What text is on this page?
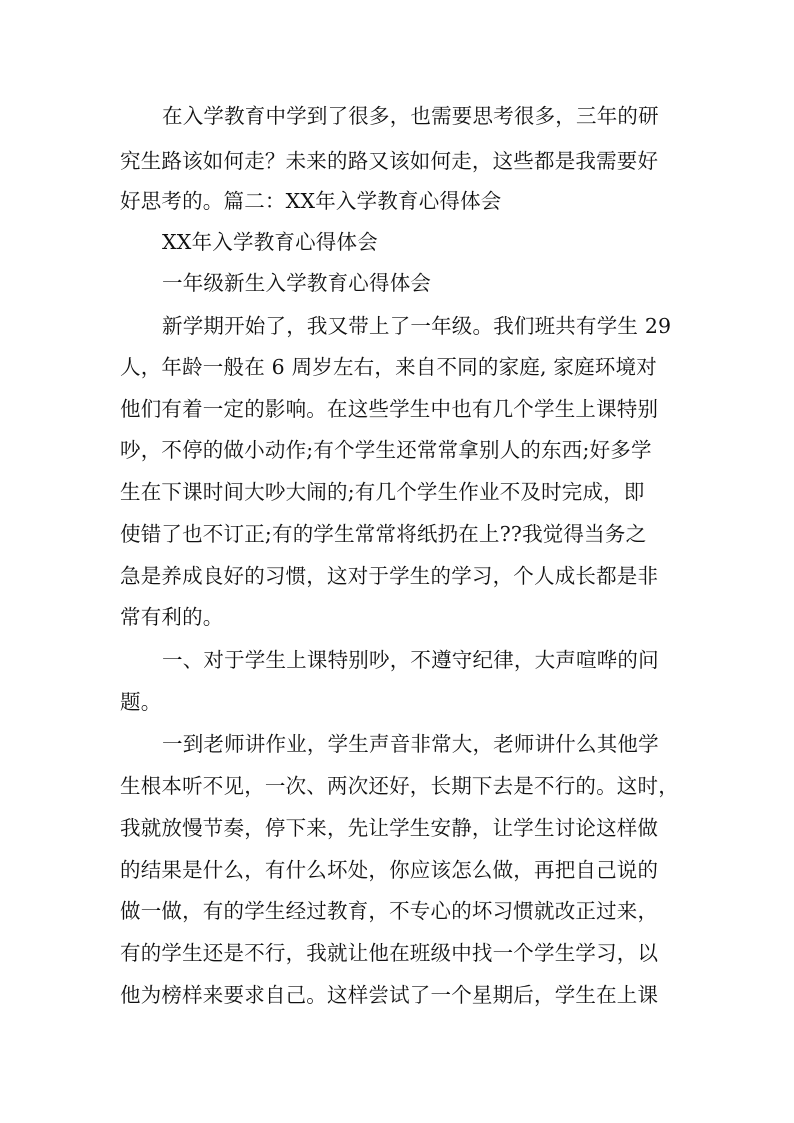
在入学教育中学到了很多，也需要思考很多，三年的研
究生路该如何走？未来的路又该如何走，这些都是我需要好
好思考的。篇二：XX年入学教育心得体会
XX年入学教育心得体会
一年级新生入学教育心得体会
新学期开始了，我又带上了一年级。我们班共有学生 29
人，年龄一般在 6 周岁左右，来自不同的家庭, 家庭环境对
他们有着一定的影响。在这些学生中也有几个学生上课特别
吵，不停的做小动作;有个学生还常常拿别人的东西;好多学
生在下课时间大吵大闹的;有几个学生作业不及时完成，即
使错了也不订正;有的学生常常将纸扔在上??我觉得当务之
急是养成良好的习惯，这对于学生的学习，个人成长都是非
常有利的。
一、对于学生上课特别吵，不遵守纪律，大声喧哗的问
题。
一到老师讲作业，学生声音非常大，老师讲什么其他学
生根本听不见，一次、两次还好，长期下去是不行的。这时，
我就放慢节奏，停下来，先让学生安静，让学生讨论这样做
的结果是什么，有什么坏处，你应该怎么做，再把自己说的
做一做，有的学生经过教育，不专心的坏习惯就改正过来，
有的学生还是不行，我就让他在班级中找一个学生学习，以
他为榜样来要求自己。这样尝试了一个星期后，学生在上课
